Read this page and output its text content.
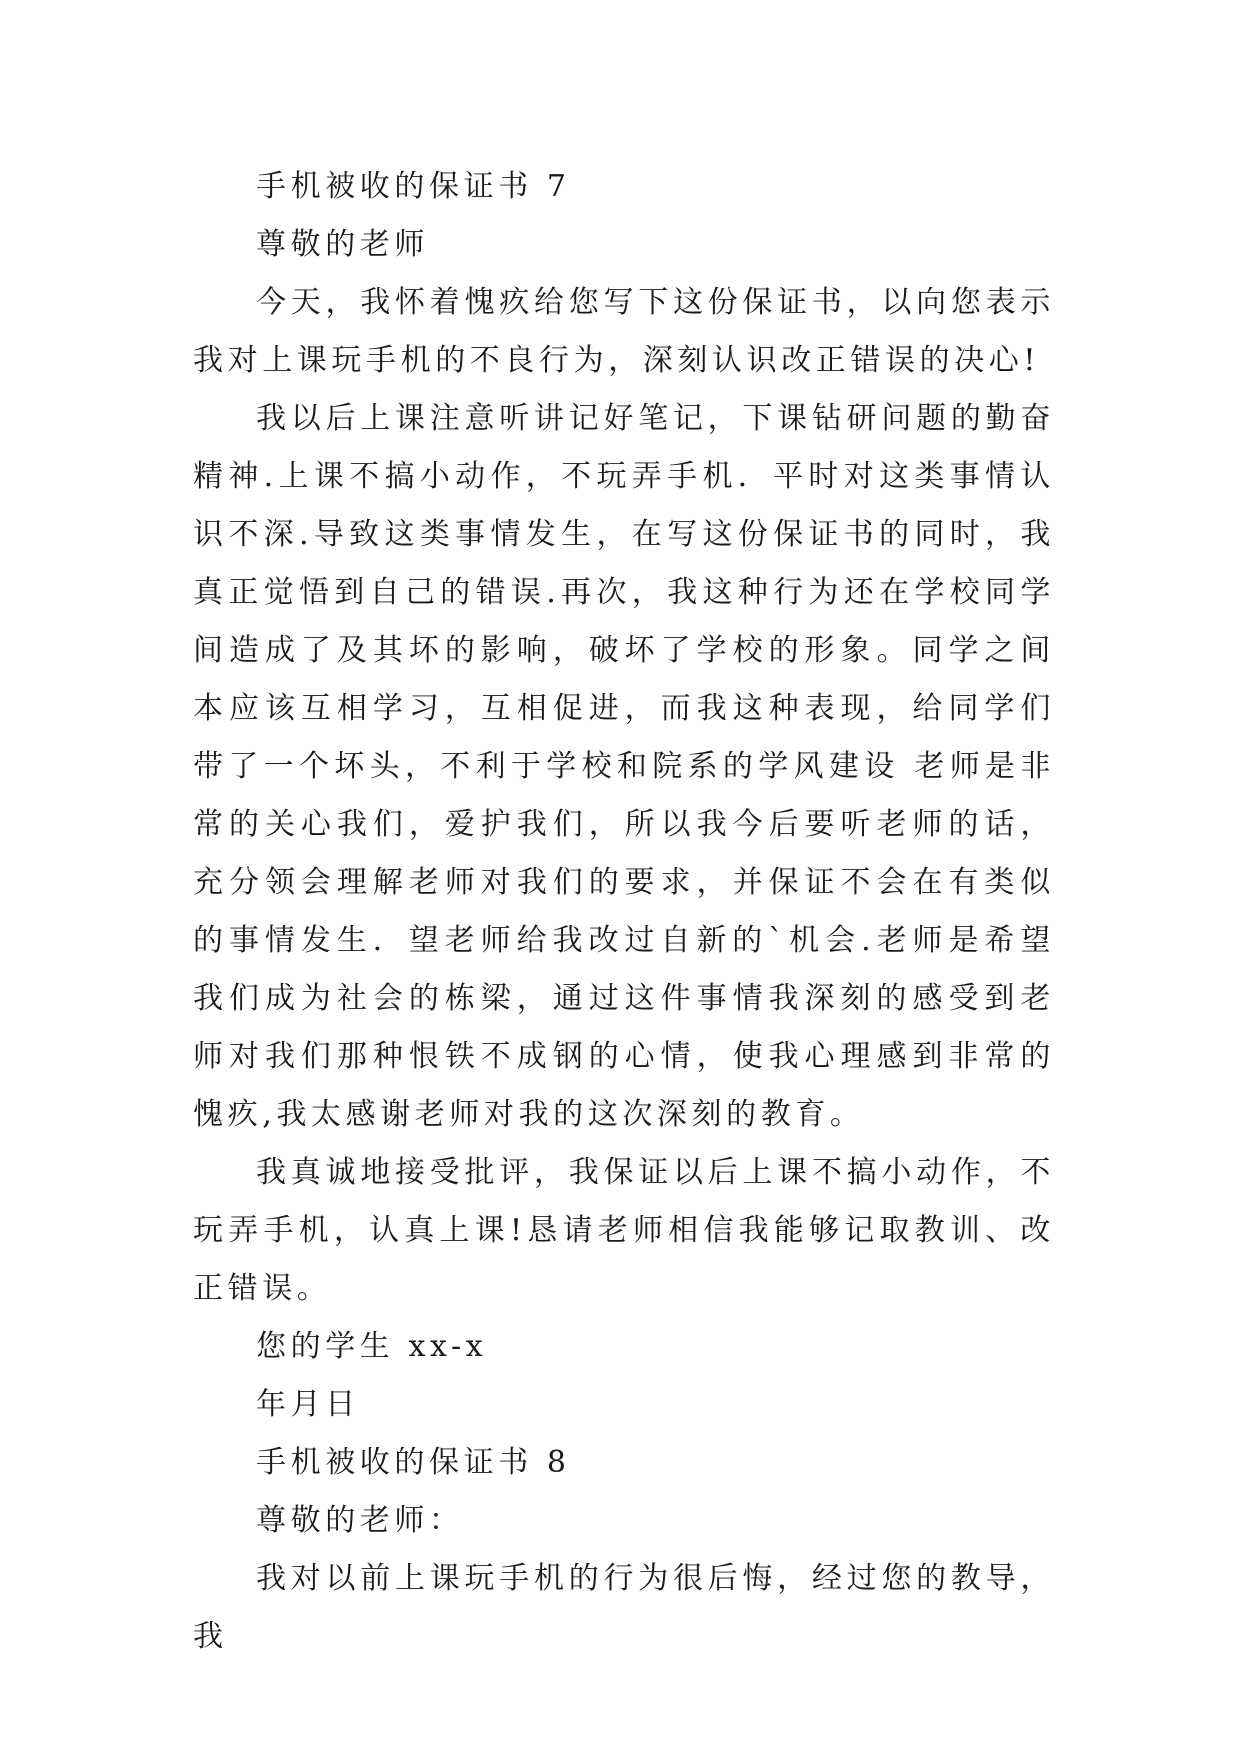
手机被收的保证书 7
尊敬的老师

今天，我怀着愧疚给您写下这份保证书，以向您表示我对上课玩手机的不良行为，深刻认识改正错误的决心!

我以后上课注意听讲记好笔记，下课钻研问题的勤奋精神.上课不搞小动作，不玩弄手机．平时对这类事情认识不深.导致这类事情发生，在写这份保证书的同时，我真正觉悟到自己的错误.再次，我这种行为还在学校同学间造成了及其坏的影响，破坏了学校的形象。同学之间本应该互相学习，互相促进，而我这种表现，给同学们带了一个坏头，不利于学校和院系的学风建设 老师是非常的关心我们，爱护我们，所以我今后要听老师的话，充分领会理解老师对我们的要求，并保证不会在有类似的事情发生．望老师给我改过自新的`机会.老师是希望我们成为社会的栋梁，通过这件事情我深刻的感受到老师对我们那种恨铁不成钢的心情，使我心理感到非常的愧疚,我太感谢老师对我的这次深刻的教育。

我真诚地接受批评，我保证以后上课不搞小动作，不玩弄手机，认真上课!恳请老师相信我能够记取教训、改正错误。

您的学生 xx-x
年月日
手机被收的保证书 8
尊敬的老师：

我对以前上课玩手机的行为很后悔，经过您的教导，我
